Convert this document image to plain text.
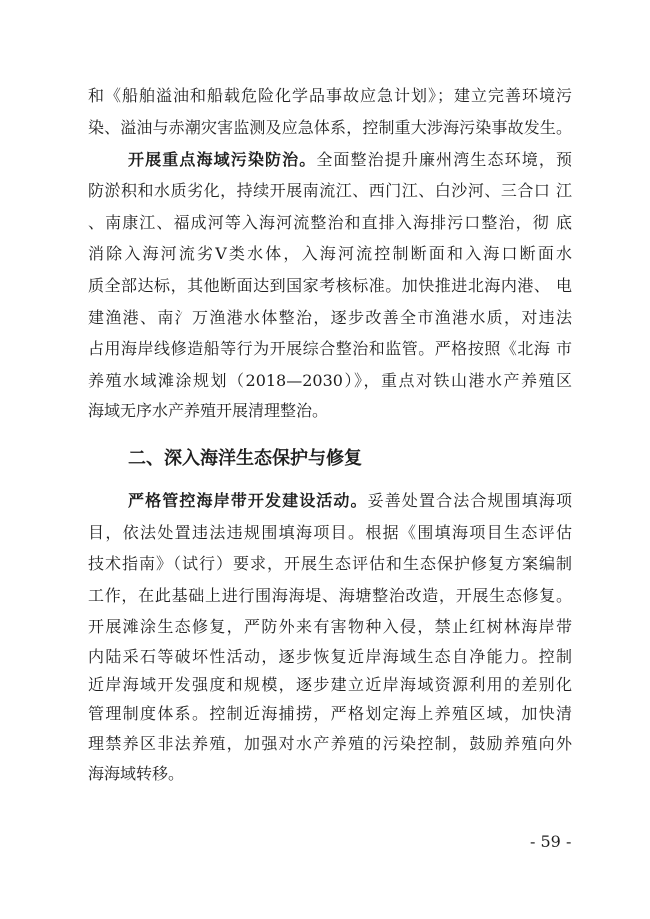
和《船舶溢油和船载危险化学品事故应急计划》；建立完善环境污
染、溢油与赤潮灾害监测及应急体系，控制重大涉海污染事故发生。
开展重点海域污染防治。全面整治提升廉州湾生态环境，预
防淤积和水质劣化，持续开展南流江、西门江、白沙河、三合口 江
、南康江、福成河等入海河流整治和直排入海排污口整治，彻 底
消除入海河流劣Ⅴ类水体，入海河流控制断面和入海口断面水
质全部达标，其他断面达到国家考核标准。加快推进北海内港、 电
建渔港、南氵万渔港水体整治，逐步改善全市渔港水质，对违法
占用海岸线修造船等行为开展综合整治和监管。严格按照《北海 市
养殖水域滩涂规划（2018—2030）》，重点对铁山港水产养殖区
海域无序水产养殖开展清理整治。
二、深入海洋生态保护与修复
严格管控海岸带开发建设活动。妥善处置合法合规围填海项
目，依法处置违法违规围填海项目。根据《围填海项目生态评估
技术指南》（试行）要求，开展生态评估和生态保护修复方案编制
工作，在此基础上进行围海海堤、海塘整治改造，开展生态修复。
开展滩涂生态修复，严防外来有害物种入侵，禁止红树林海岸带
内陆采石等破坏性活动，逐步恢复近岸海域生态自净能力。控制
近岸海域开发强度和规模，逐步建立近岸海域资源利用的差别化
管理制度体系。控制近海捕捞，严格划定海上养殖区域，加快清
理禁养区非法养殖，加强对水产养殖的污染控制，鼓励养殖向外
海海域转移。
- 59 -
